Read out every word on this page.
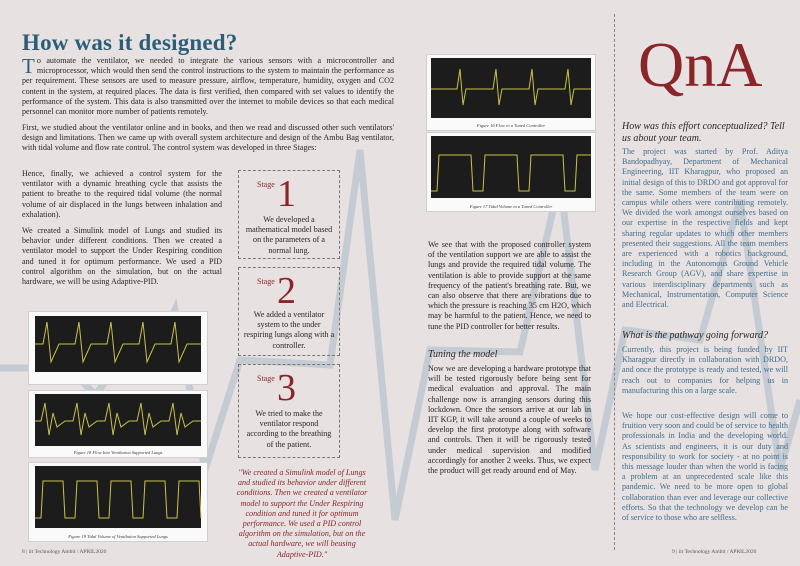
How was it designed?
To automate the ventilator, we needed to integrate the various sensors with a microcontroller and microprocessor, which would then send the control instructions to the system to maintain the performance as per requirement. These sensors are used to measure pressure, airflow, temperature, humidity, oxygen and CO2 content in the system, at required places. The data is first verified, then compared with set values to identify the performance of the system. This data is also transmitted over the internet to mobile devices so that each medical personnel can monitor more number of patients remotely.
First, we studied about the ventilator online and in books, and then we read and discussed other such ventilators' design and limitations. Then we came up with overall system architecture and design of the Ambu Bag ventilator, with tidal volume and flow rate control. The control system was developed in three Stages:
Hence, finally, we achieved a control system for the ventilator with a dynamic breathing cycle that assists the patient to breathe to the required tidal volume (the normal volume of air displaced in the lungs between inhalation and exhalation).
We created a Simulink model of Lungs and studied its behavior under different conditions. Then we created a ventilator model to support the Under Respiring condition and tuned it for optimum performance. We used a PID control algorithm on the simulation, but on the actual hardware, we will be using Adaptive-PID.
Stage 1
We developed a mathematical model based on the parameters of a normal lung.
Stage 2
We added a ventilator system to the under respiring lungs along with a controller.
Stage 3
We tried to make the ventilator respond according to the breathing of the patient.
"We created a Simulink model of Lungs and studied its behavior under different conditions. Then we created a ventilator model to support the Under Respiring condition and tuned it for optimum performance. We used a PID control algorithm on the simulation, but on the actual hardware, we will beusing Adaptive-PID."
Figure 18 Flow Into Ventilation Supported Lungs
Figure 19 Tidal Volume of Ventilation Supported Lungs
Figure 16 Flow in a Tuned Controller
Figure 17 Tidal Volume in a Tuned Controller
We see that with the proposed controller system of the ventilation support we are able to assist the lungs and provide the required tidal volume. The ventilation is able to provide support at the same frequency of the patient's breathing rate. But, we can also observe that there are vibrations due to which the pressure is reaching 35 cm H2O, which may be harmful to the patient. Hence, we need to tune the PID controller for better results.
Tuning the model
Now we are developing a hardware prototype that will be tested rigorously before being sent for medical evaluation and approval. The main challenge now is arranging sensors during this lockdown. Once the sensors arrive at our lab in IIT KGP, it will take around a couple of weeks to develop the first prototype along with software and controls. Then it will be rigorously tested under medical supervision and modified accordingly for another 2 weeks. Thus, we expect the product will get ready around end of May.
QnA
How was this effort conceptualized? Tell us about your team.
The project was started by Prof. Aditya Bandopadhyay, Department of Mechanical Engineering, IIT Kharagpur, who proposed an initial design of this to DRDO and got approval for the same. Some members of the team were on campus while others were contributing remotely. We divided the work amongst ourselves based on our expertise in the respective fields and kept sharing regular updates to which other members presented their suggestions. All the team members are experienced with a robotics background, including in the Autonomous Ground Vehicle Research Group (AGV), and share expertise in various interdisciplinary departments such as Mechanical, Instrumentation, Computer Science and Electrical.
What is the pathway going forward?
Currently, this project is being funded by IIT Kharagpur directly in collaboration with DRDO, and once the prototype is ready and tested, we will reach out to companies for helping us in manufacturing this on a large scale.
We hope our cost-effective design will come to fruition very soon and could be of service to health professionals in India and the developing world. As scientists and engineers, it is our duty and responsibility to work for society - at no point is this message louder than when the world is facing a problem at an unprecedented scale like this pandemic. We need to be more open to global collaboration than ever and leverage our collective efforts. So that the technology we develop can be of service to those who are selfless.
8 | iit Technology Ambit / APRIL2020	9 | iit Technology Ambit / APRIL2020
